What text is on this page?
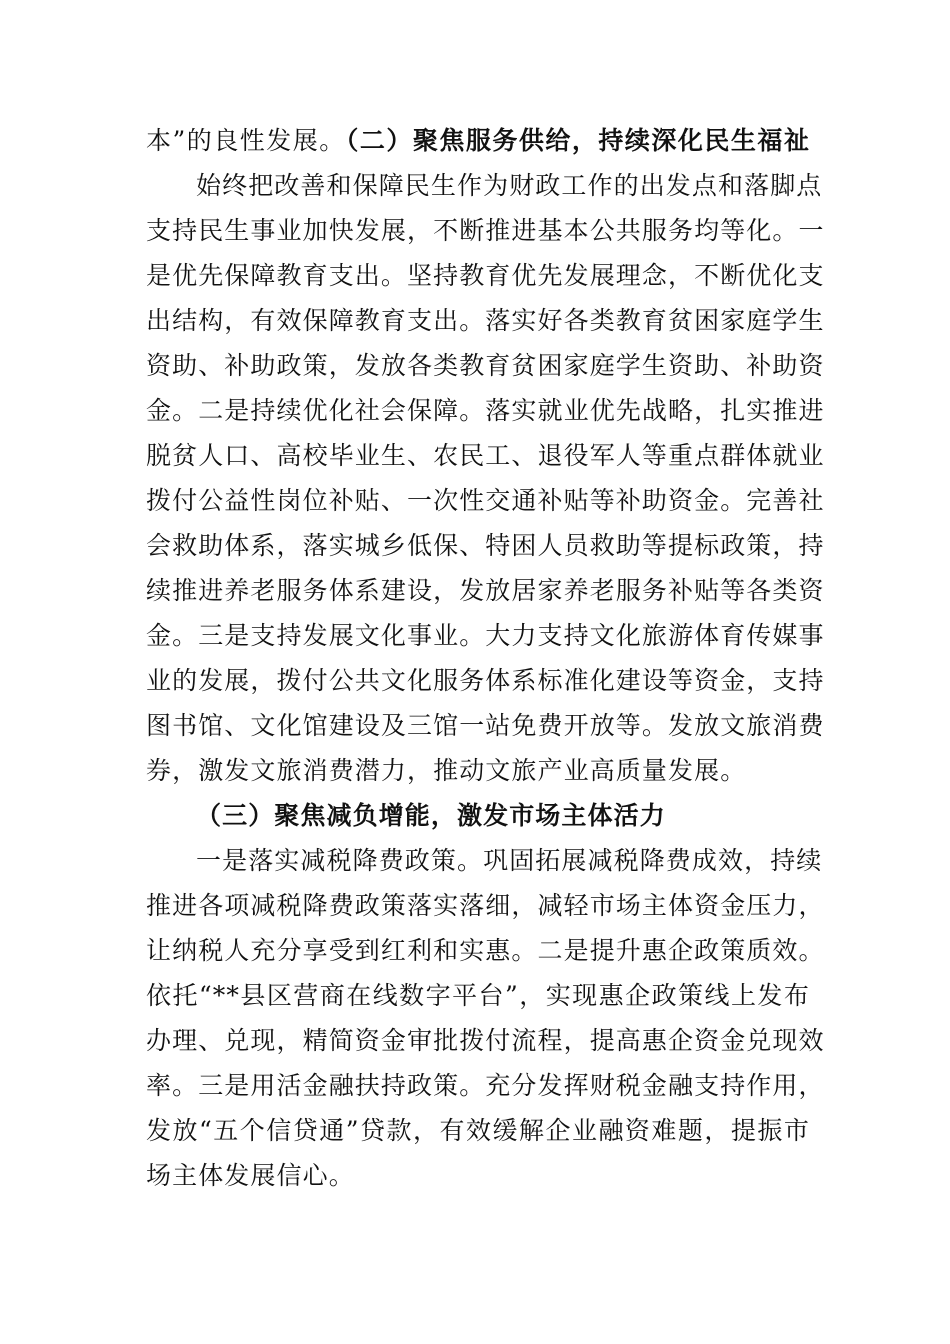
本”的良性发展。（二）聚焦服务供给，持续深化民生福祉
始终把改善和保障民生作为财政工作的出发点和落脚点
支持民生事业加快发展，不断推进基本公共服务均等化。一
是优先保障教育支出。坚持教育优先发展理念，不断优化支
出结构，有效保障教育支出。落实好各类教育贫困家庭学生
资助、补助政策，发放各类教育贫困家庭学生资助、补助资
金。二是持续优化社会保障。落实就业优先战略，扎实推进
脱贫人口、高校毕业生、农民工、退役军人等重点群体就业
拨付公益性岗位补贴、一次性交通补贴等补助资金。完善社
会救助体系，落实城乡低保、特困人员救助等提标政策，持
续推进养老服务体系建设，发放居家养老服务补贴等各类资
金。三是支持发展文化事业。大力支持文化旅游体育传媒事
业的发展，拨付公共文化服务体系标准化建设等资金，支持
图书馆、文化馆建设及三馆一站免费开放等。发放文旅消费
券，激发文旅消费潜力，推动文旅产业高质量发展。
（三）聚焦减负增能，激发市场主体活力
一是落实减税降费政策。巩固拓展减税降费成效，持续
推进各项减税降费政策落实落细，减轻市场主体资金压力，
让纳税人充分享受到红利和实惠。二是提升惠企政策质效。
依托“**县区营商在线数字平台”，实现惠企政策线上发布
办理、兑现，精简资金审批拨付流程，提高惠企资金兑现效
率。三是用活金融扶持政策。充分发挥财税金融支持作用，
发放“五个信贷通”贷款，有效缓解企业融资难题，提振市
场主体发展信心。
